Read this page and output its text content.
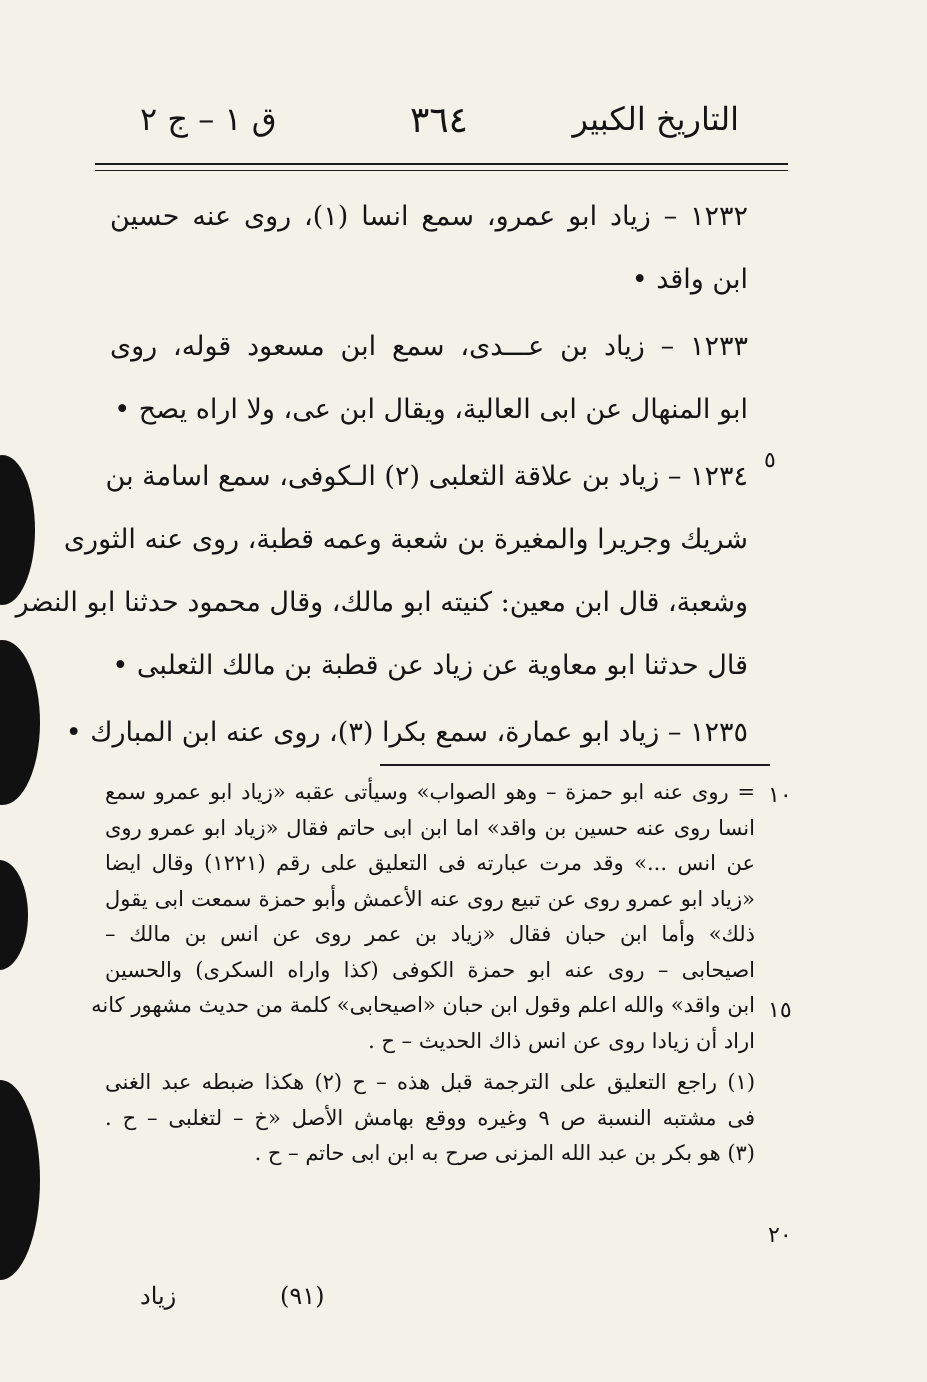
التاريخ الكبير
٣٦٤
ق ١ – ج ٢
١٢٣٢ – زياد ابو عمرو، سمع انسا (١)، روى عنه حسين
ابن واقد •
١٢٣٣ – زياد بن عـــدى، سمع ابن مسعود قوله، روى
ابو المنهال عن ابى العالية، ويقال ابن عى، ولا اراه يصح •
١٢٣٤ – زياد بن علاقة الثعلبى (٢) الـكوفى، سمع اسامة بن
شريك وجريرا والمغيرة بن شعبة وعمه قطبة، روى عنه الثورى
وشعبة، قال ابن معين: كنيته ابو مالك، وقال محمود حدثنا ابو النضر
قال حدثنا ابو معاوية عن زياد عن قطبة بن مالك الثعلبى •
١٢٣٥ – زياد ابو عمارة، سمع بكرا (٣)، روى عنه ابن المبارك •
٥
١٠
١٥
٢٠
= روى عنه ابو حمزة – وهو الصواب» وسيأتى عقبه «زياد ابو عمرو سمع
انسا روى عنه حسين بن واقد» اما ابن ابى حاتم فقال «زياد ابو عمرو روى
عن انس ...» وقد مرت عبارته فى التعليق على رقم (١٢٢١) وقال ايضا
«زياد ابو عمرو روى عن تبيع روى عنه الأعمش وأبو حمزة سمعت ابى يقول
ذلك» وأما ابن حبان فقال «زياد بن عمر روى عن انس بن مالك –
اصيحابى – روى عنه ابو حمزة الكوفى (كذا واراه السكرى) والحسين
ابن واقد» والله اعلم وقول ابن حبان «اصيحابى» كلمة من حديث مشهور كانه
اراد أن زيادا روى عن انس ذاك الحديث – ح .
(١) راجع التعليق على الترجمة قبل هذه – ح (٢) هكذا ضبطه عبد الغنى
فى مشتبه النسبة ص ٩ وغيره ووقع بهامش الأصل «خ – لتغلبى – ح .
(٣) هو بكر بن عبد الله المزنى صرح به ابن ابى حاتم – ح .
(٩١)
زياد
